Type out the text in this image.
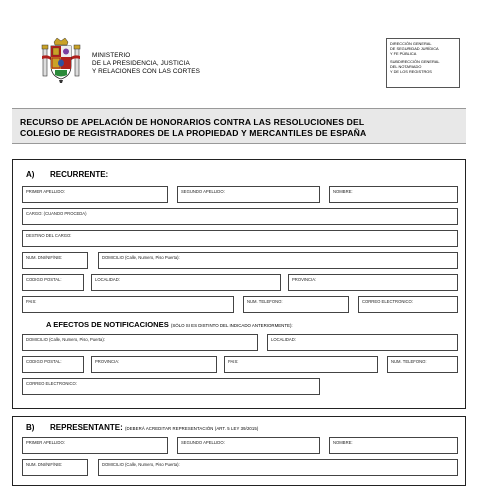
MINISTERIO
DE LA PRESIDENCIA, JUSTICIA
Y RELACIONES CON LAS CORTES
DIRECCIÓN GENERAL
DE SEGURIDAD JURÍDICA
Y FE PÚBLICA
SUBDIRECCIÓN GENERAL
DEL NOTARIADO
Y DE LOS REGISTROS
RECURSO DE APELACIÓN DE HONORARIOS CONTRA LAS RESOLUCIONES DEL
COLEGIO DE REGISTRADORES DE LA PROPIEDAD Y MERCANTILES DE ESPAÑA
A) RECURRENTE:
PRIMER APELLIDO:	SEGUNDO APELLIDO:	NOMBRE:
CARGO: (CUANDO PROCEDA)
DESTINO DEL CARGO:
NUM. DNI/NIF/NIE:	DOMICILIO (Calle, Numero, Piso Puerta):
CODIGO POSTAL:	LOCALIDAD:	PROVINCIA:
PAIS:	NUM. TELEFONO:	CORREO ELECTRONICO:
A EFECTOS DE NOTIFICACIONES (SÓLO SI ES DISTINTO DEL INDICADO ANTERIORMENTE):
DOMICILIO (Calle, Numero, Piso, Puerta):	LOCALIDAD:
CODIGO POSTAL:	PROVINCIA:	PAIS:	NUM. TELEFONO:
CORREO ELECTRONICO:
B) REPRESENTANTE: (DEBERÁ ACREDITAR REPRESENTACIÓN (ART. 5 LEY 39/2015)
PRIMER APELLIDO:	SEGUNDO APELLIDO:	NOMBRE:
NUM. DNI/NIF/NIE:	DOMICILIO (Calle, Numero, Piso Puerta):
